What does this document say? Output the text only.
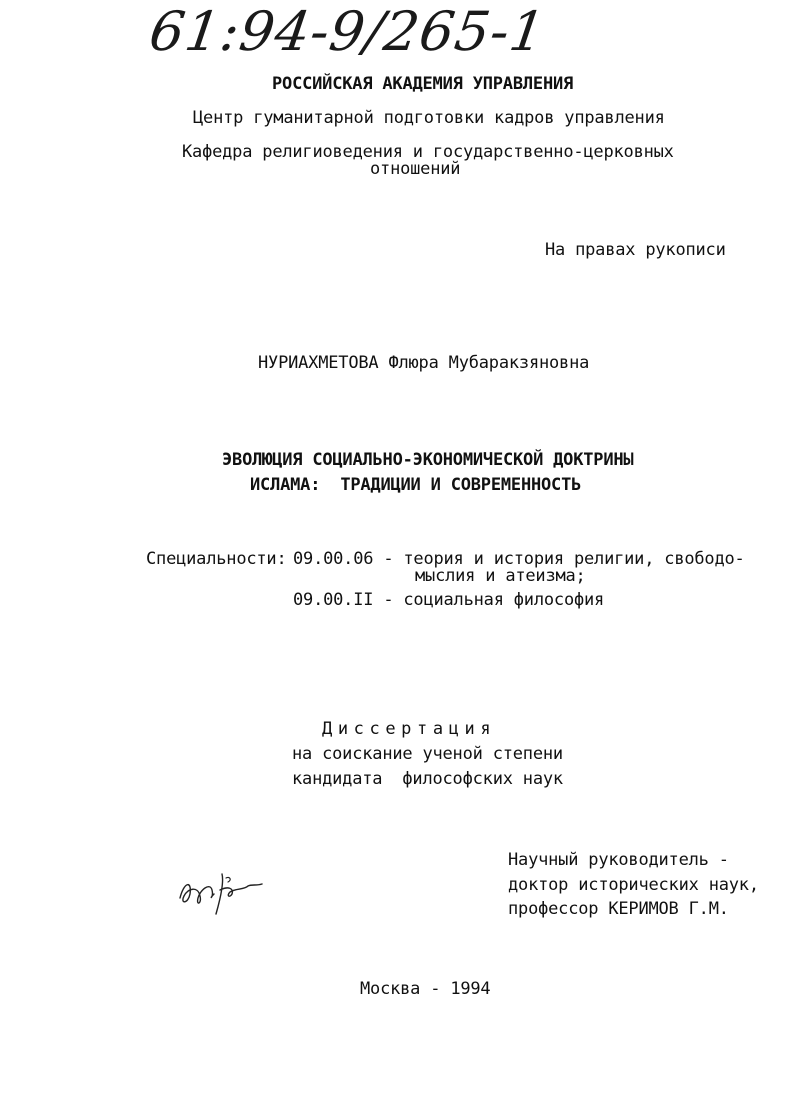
61:94-9/265-1
РОССИЙСКАЯ АКАДЕМИЯ УПРАВЛЕНИЯ
Центр гуманитарной подготовки кадров управления
Кафедра религиоведения и государственно-церковных
отношений
На правах рукописи
НУРИАХМЕТОВА Флюра Мубаракзяновна
ЭВОЛЮЦИЯ СОЦИАЛЬНО-ЭКОНОМИЧЕСКОЙ ДОКТРИНЫ
ИСЛАМА:  ТРАДИЦИИ И СОВРЕМЕННОСТЬ
Специальности: 09.00.06 - теория и история религии, свободо-
мыслия и атеизма;
09.00.II - социальная философия
Диссертация
на соискание ученой степени
кандидата  философских наук
Научный руководитель -
доктор исторических наук,
профессор КЕРИМОВ Г.М.
Москва - 1994
